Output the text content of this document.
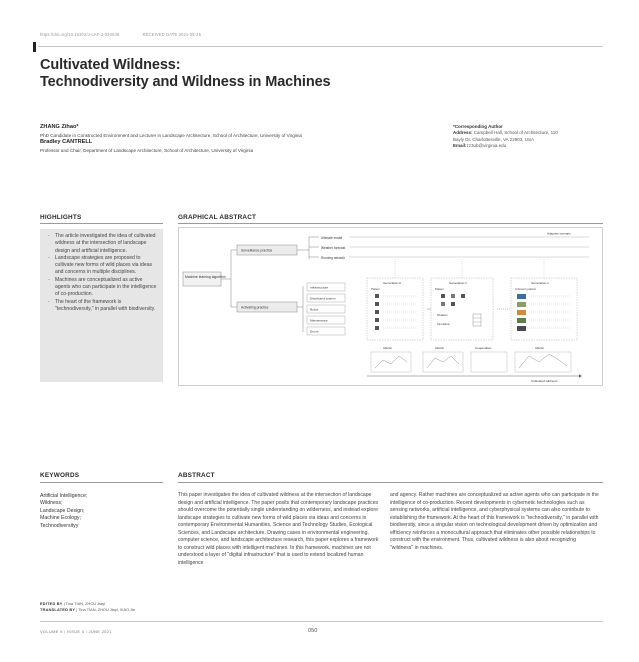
https://doi.org/10.15302/J-LAF-1-020046	RECEIVED DATE 2021-05-25
Cultivated Wildness:
Technodiversity and Wildness in Machines
ZHANG Zihao*
PhD Candidate in Constructed Environment and Lecturer in Landscape Architecture, School of Architecture, University of Virginia
Bradley CANTRELL
Professor and Chair, Department of Landscape Architecture, School of Architecture, University of Virginia
*Corresponding Author
Address: Campbell Hall, School of Architecture, 110
Bayly Dr. Charlottesville, VA 22903, USA
Email:zz3ub@virginia.edu
HIGHLIGHTS
- The article investigated the idea of cultivated wildness at the intersection of landscape design and artificial intelligence.
- Landscape strategies are proposed to cultivate new forms of wild places via ideas and concerns in multiple disciplines.
- Machines are conceptualized as active agents who can participate in the intelligence of co-production.
- The heart of the framework is "technodiversity," in parallel with biodiversity.
GRAPHICAL ABSTRACT
Machine learning algorithm
Surveillance practice
Activating practice
Ultimate model
Weather forecast
Running network
Adaptive scenario
Infrastructure
Distributed system
Robot
Maintenance
Drone
Generation 0	Generation 1	Generation n
Pattern	Pattern	Unknown pattern
Mutation
Simulation
Abiotic	Abiotic	Cooperation	Abiotic
Cultivated wildness
KEYWORDS
Artificial Intelligence;
Wildness;
Landscape Design;
Machine Ecology;
Technodiversityy
ABSTRACT
This paper investigates the idea of cultivated wildness at the intersection of landscape design and artificial intelligence. The paper posits that contemporary landscape practices should overcome the potentially single understanding on wilderness, and instead explore landscape strategies to cultivate new forms of wild places via ideas and concerns in contemporary Environmental Humanities, Science and Technology Studies, Ecological Sciences, and Landscape architecture. Drawing cases in environmental engineering, computer science, and landscape architecture research, this paper explores a framework to construct wild places with intelligent machines. In this framework, machines are not understood a layer of "digital infrastructure" that is used to extend localized human intelligence
and agency. Rather machines are conceptualized as active agents who can participate in the intelligence of co-production. Recent developments in cybernetic technologies such as sensing networks, artificial intelligence, and cyberphysical systems can also contribute to establishing the framework. At the heart of this framework is "technodiversity," in parallel with biodiversity, since a singular vision on technological development driven by optimization and efficiency reinforces a monocultural approach that eliminates other possible relationships to construct with the environment. Thus, cultivated wildness is also about recognizing "wildness" in machines.
EDITED BY | Tina TIAN, ZHOU Jiayi
TRANSLATED BY | Tina TIAN, ZHOU Jiayi, XIAO Jie
VOLUME 9 / ISSUE 3 / JUNE 2021	050
